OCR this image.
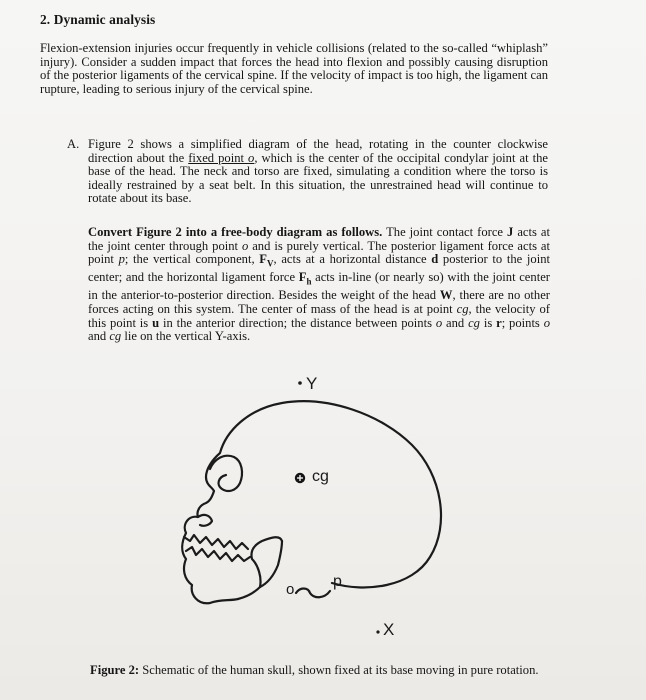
2. Dynamic analysis
Flexion-extension injuries occur frequently in vehicle collisions (related to the so-called “whiplash” injury). Consider a sudden impact that forces the head into flexion and possibly causing disruption of the posterior ligaments of the cervical spine. If the velocity of impact is too high, the ligament can rupture, leading to serious injury of the cervical spine.
A. Figure 2 shows a simplified diagram of the head, rotating in the counter clockwise direction about the fixed point o, which is the center of the occipital condylar joint at the base of the head. The neck and torso are fixed, simulating a condition where the torso is ideally restrained by a seat belt. In this situation, the unrestrained head will continue to rotate about its base.
Convert Figure 2 into a free-body diagram as follows. The joint contact force J acts at the joint center through point o and is purely vertical. The posterior ligament force acts at point p; the vertical component, $F_V$, acts at a horizontal distance d posterior to the joint center; and the horizontal ligament force $F_h$ acts in-line (or nearly so) with the joint center in the anterior-to-posterior direction. Besides the weight of the head W, there are no other forces acting on this system. The center of mass of the head is at point cg, the velocity of this point is u in the anterior direction; the distance between points o and cg is r; points o and cg lie on the vertical Y-axis.
Y
cg
o p
X
Figure 2: Schematic of the human skull, shown fixed at its base moving in pure rotation.
